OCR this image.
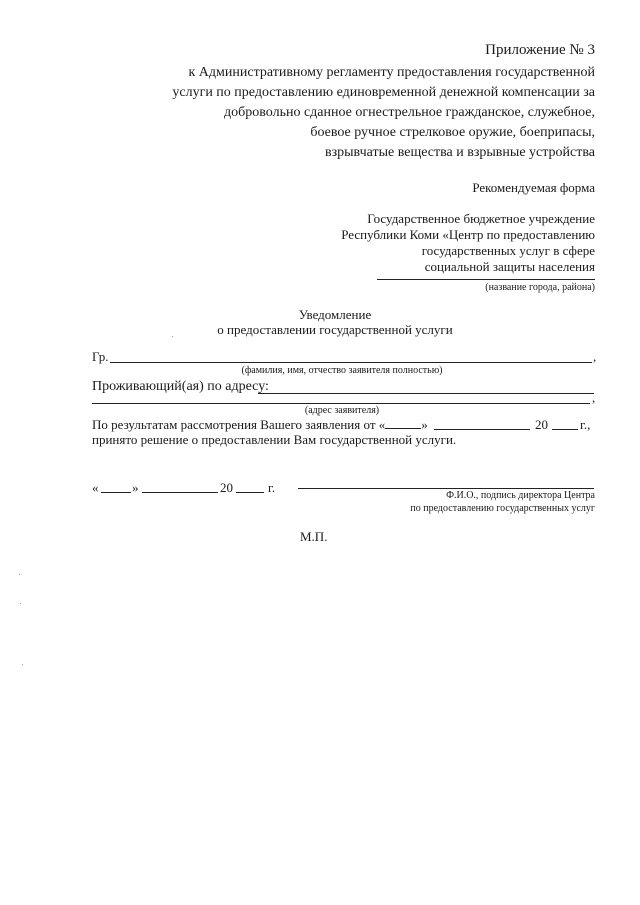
Приложение № 3
к Административному регламенту предоставления государственной
услуги по предоставлению единовременной денежной компенсации за
добровольно сданное огнестрельное гражданское, служебное,
боевое ручное стрелковое оружие, боеприпасы,
взрывчатые вещества и взрывные устройства
Рекомендуемая форма
Государственное бюджетное учреждение
Республики Коми «Центр по предоставлению
государственных услуг в сфере
социальной защиты населения
(название города, района)
Уведомление
о предоставлении государственной услуги
Гр.	,
(фамилия, имя, отчество заявителя полностью)
Проживающий(ая) по адресу:
,
(адрес заявителя)
По результатам рассмотрения Вашего заявления от «	»	20 г.,
принято решение о предоставлении Вам государственной услуги.
«	»	20	г.
Ф.И.О., подпись директора Центра
по предоставлению государственных услуг
М.П.
